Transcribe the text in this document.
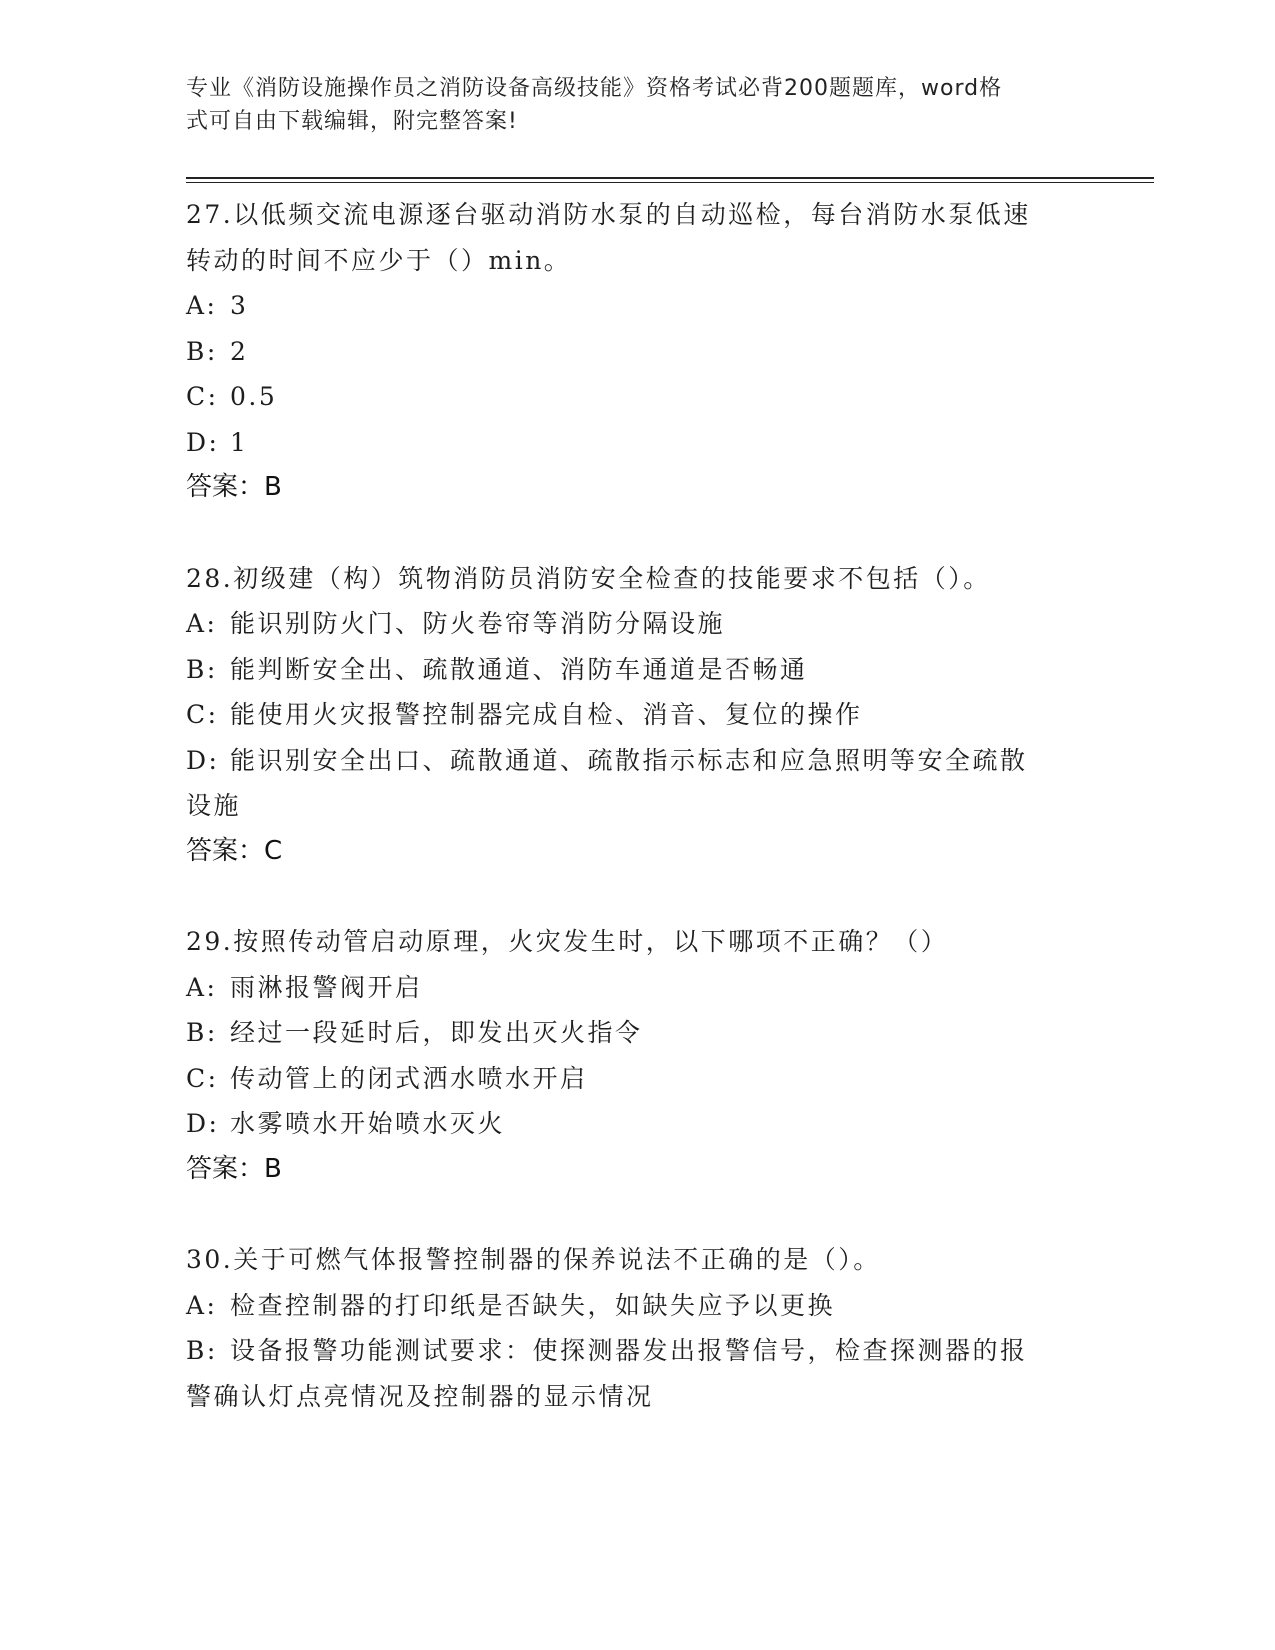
专业《消防设施操作员之消防设备高级技能》资格考试必背200题题库，word格
式可自由下载编辑，附完整答案!
27.以低频交流电源逐台驱动消防水泵的自动巡检，每台消防水泵低速
转动的时间不应少于（）min。
A: 3
B: 2
C: 0.5
D: 1
答案：B
28.初级建（构）筑物消防员消防安全检查的技能要求不包括（）。
A: 能识别防火门、防火卷帘等消防分隔设施
B: 能判断安全出、疏散通道、消防车通道是否畅通
C: 能使用火灾报警控制器完成自检、消音、复位的操作
D: 能识别安全出口、疏散通道、疏散指示标志和应急照明等安全疏散
设施
答案：C
29.按照传动管启动原理，火灾发生时，以下哪项不正确？（）
A: 雨淋报警阀开启
B: 经过一段延时后，即发出灭火指令
C: 传动管上的闭式洒水喷水开启
D: 水雾喷水开始喷水灭火
答案：B
30.关于可燃气体报警控制器的保养说法不正确的是（）。
A: 检查控制器的打印纸是否缺失，如缺失应予以更换
B: 设备报警功能测试要求：使探测器发出报警信号，检查探测器的报
警确认灯点亮情况及控制器的显示情况
